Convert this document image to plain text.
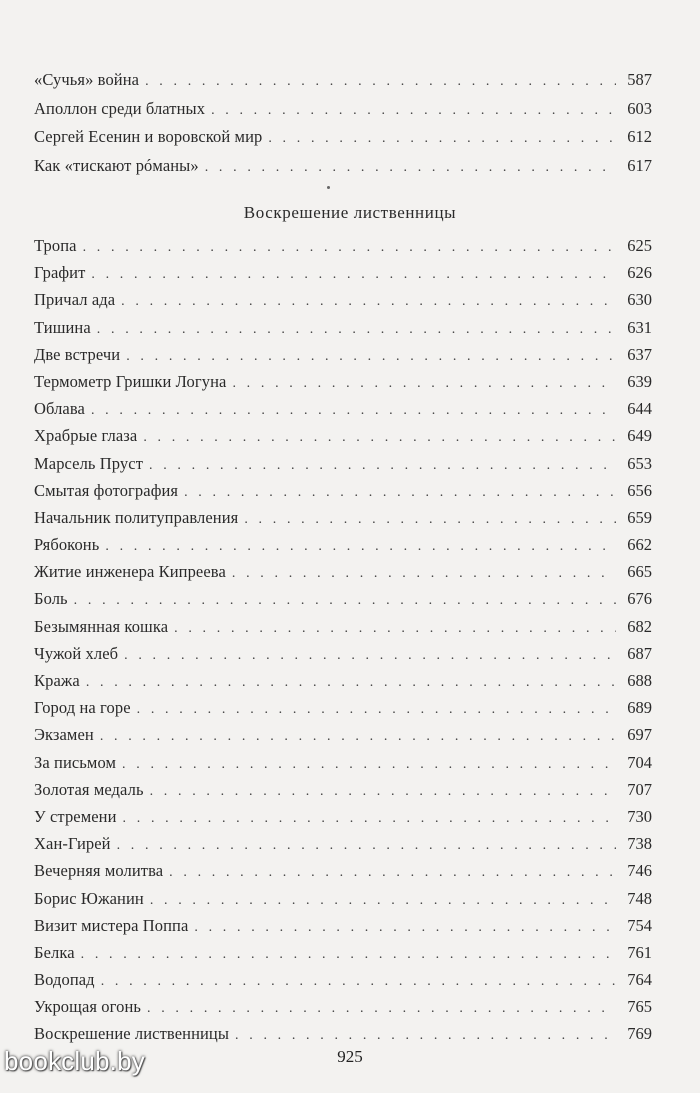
«Сучья» война . . .	587
Аполлон среди блатных . . .	603
Сергей Есенин и воровской мир . . .	612
Как «тискают рóманы» . . .	617
Воскрешение лиственницы
Тропа . . .	625
Графит . . .	626
Причал ада . . .	630
Тишина . . .	631
Две встречи . . .	637
Термометр Гришки Логуна . . .	639
Облава . . .	644
Храбрые глаза . . .	649
Марсель Пруст . . .	653
Смытая фотография . . .	656
Начальник политуправления . . .	659
Рябоконь . . .	662
Житие инженера Кипреева . . .	665
Боль . . .	676
Безымянная кошка . . .	682
Чужой хлеб . . .	687
Кража . . .	688
Город на горе . . .	689
Экзамен . . .	697
За письмом . . .	704
Золотая медаль . . .	707
У стремени . . .	730
Хан-Гирей . . .	738
Вечерняя молитва . . .	746
Борис Южанин . . .	748
Визит мистера Поппа . . .	754
Белка . . .	761
Водопад . . .	764
Укрощая огонь . . .	765
Воскрешение лиственницы . . .	769
925
bookclub.by
